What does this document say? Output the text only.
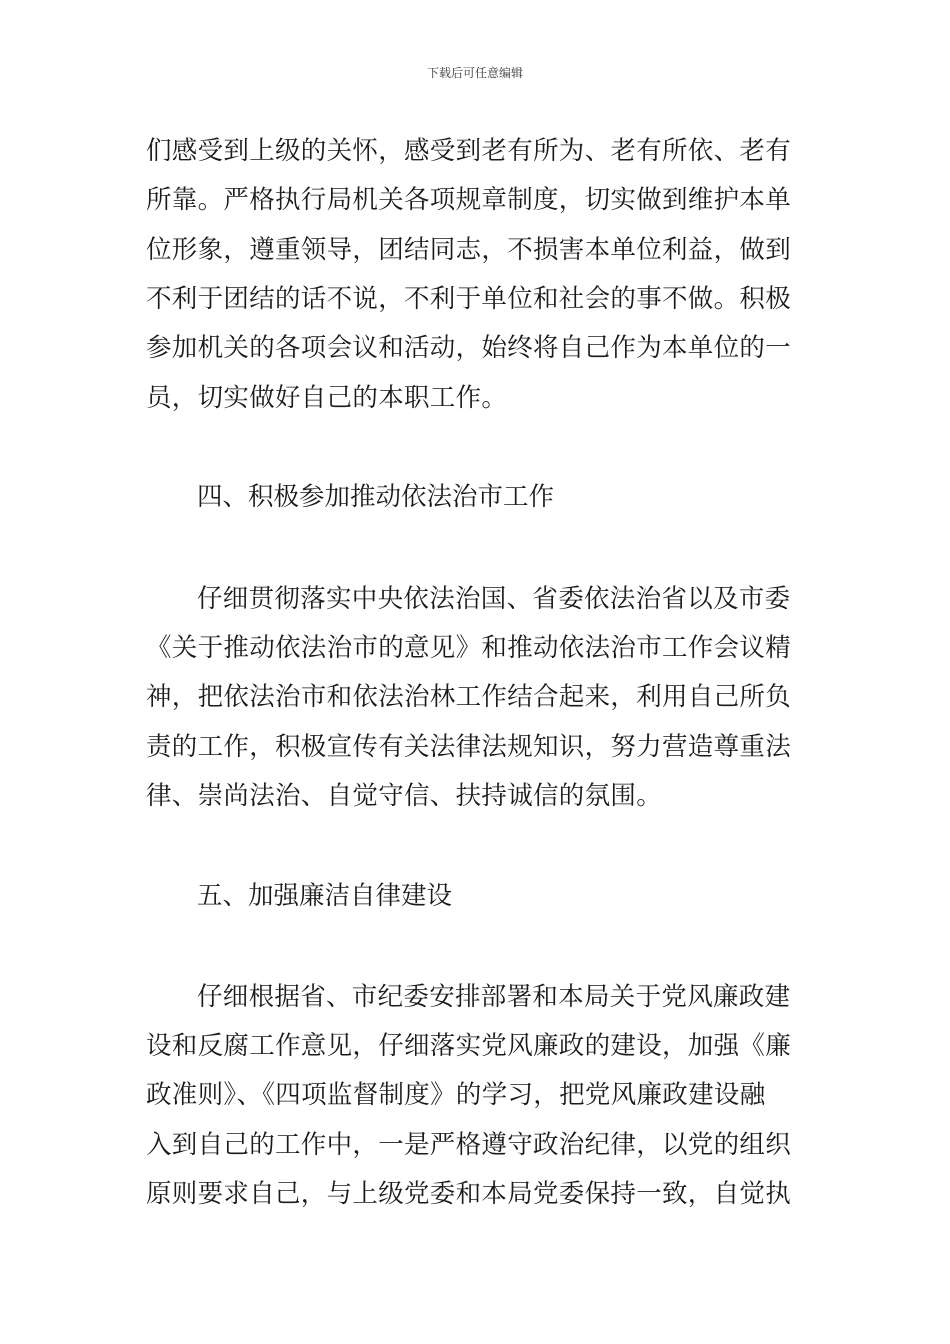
下载后可任意编辑
们感受到上级的关怀，感受到老有所为、老有所依、老有
所靠。严格执行局机关各项规章制度，切实做到维护本单
位形象，遵重领导，团结同志，不损害本单位利益，做到
不利于团结的话不说，不利于单位和社会的事不做。积极
参加机关的各项会议和活动，始终将自己作为本单位的一
员，切实做好自己的本职工作。
四、积极参加推动依法治市工作
仔细贯彻落实中央依法治国、省委依法治省以及市委
《关于推动依法治市的意见》和推动依法治市工作会议精
神，把依法治市和依法治林工作结合起来，利用自己所负
责的工作，积极宣传有关法律法规知识，努力营造尊重法
律、崇尚法治、自觉守信、扶持诚信的氛围。
五、加强廉洁自律建设
仔细根据省、市纪委安排部署和本局关于党风廉政建
设和反腐工作意见，仔细落实党风廉政的建设，加强《廉
政准则》、《四项监督制度》的学习，把党风廉政建设融
入到自己的工作中，一是严格遵守政治纪律，以党的组织
原则要求自己，与上级党委和本局党委保持一致，自觉执
